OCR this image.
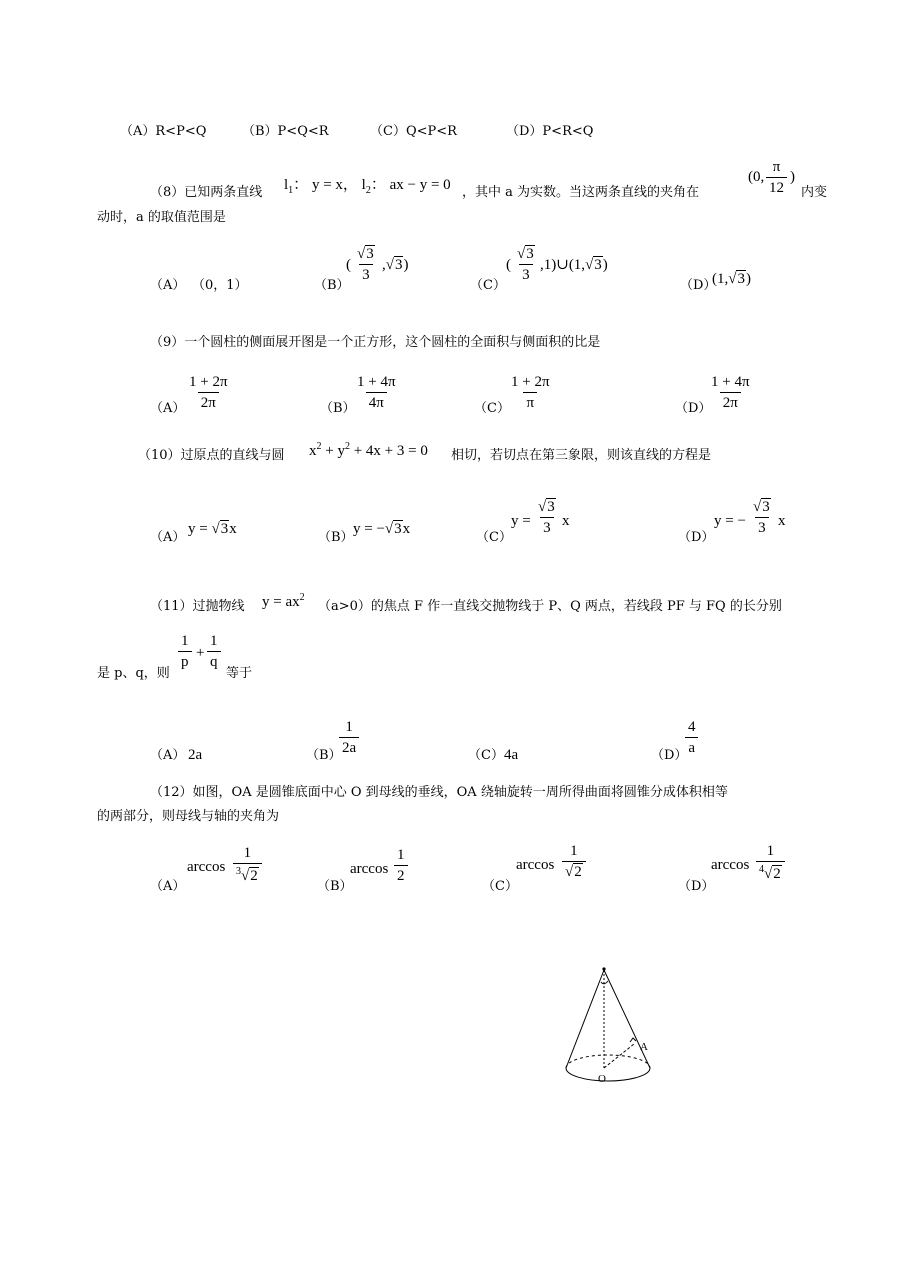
（A）R<P<Q	（B）P<Q<R	（C）Q<P<R	（D）P<R<Q
（8）已知两条直线 $l_1$： y = x， $l_2$： ax − y = 0 ，其中 a 为实数。当这两条直线的夹角在
(0, $\frac{\pi}{12}$ )
内变
动时，a 的取值范围是
（A） （0，1）	（B）
( $\frac{√3}{3} ,√3$)
（C）
( $\frac{√3}{3}$ ,1)∪(1,√3)
（D）
(1,√3)
（9）一个圆柱的侧面展开图是一个正方形，这个圆柱的全面积与侧面积的比是
$(A) \frac{1 + 2\pi}{2\pi}$	（B）
$\frac{1 + 4\pi}{4\pi}$	（C）
$\frac{1 + 2\pi}{\pi}$	（D）
$\frac{1 + 4\pi}{2\pi}$
（10）过原点的直线与圆 $x^2 + y^2 + 4x + 3 = 0$ 相切，若切点在第三象限，则该直线的方程是
（A）
y = √3x
（B）
y = −√3x
（C）
$y = \frac{√3}{3}$ x
（D）
y = − $\frac{√3}{3}$ x
（11）过抛物线 $y = ax^2$
（a>0）的焦点 F 作一直线交抛物线于 P、Q 两点，若线段 PF 与 FQ 的长分别
是 p、q，则
$\frac{1}{p} + \frac{1}{q}$
等于
（A） 2a	（B）
$\frac{1}{2a}$	（C） 4a	（D）
$\frac{4}{a}$
（12）如图，OA 是圆锥底面中心 O 到母线的垂线，OA 绕轴旋转一周所得曲面将圆锥分成体积相等
的两部分，则母线与轴的夹角为
（A）
$\arccos \frac{1}{^3√2}$
（B）
$\arccos \frac{1}{2}$
（C）
$\arccos \frac{1}{√2}$
（D）
$\arccos \frac{1}{^4√2}$
O
A
